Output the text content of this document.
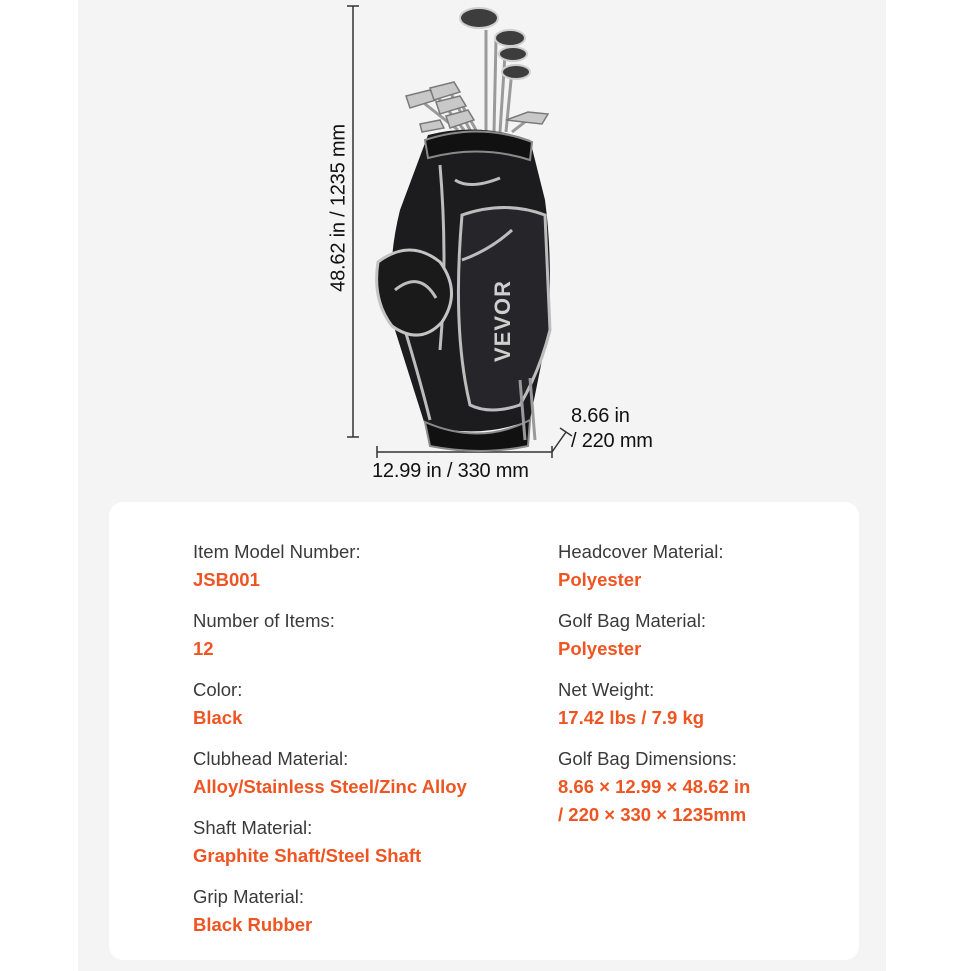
VEVOR
48.62 in / 1235 mm
12.99 in / 330 mm
8.66 in
/ 220 mm
Item Model Number:
JSB001
Number of Items:
12
Color:
Black
Clubhead Material:
Alloy/Stainless Steel/Zinc Alloy
Shaft Material:
Graphite Shaft/Steel Shaft
Grip Material:
Black Rubber
Headcover Material:
Polyester
Golf Bag Material:
Polyester
Net Weight:
17.42 lbs / 7.9 kg
Golf Bag Dimensions:
8.66 × 12.99 × 48.62 in
/ 220 × 330 × 1235mm
